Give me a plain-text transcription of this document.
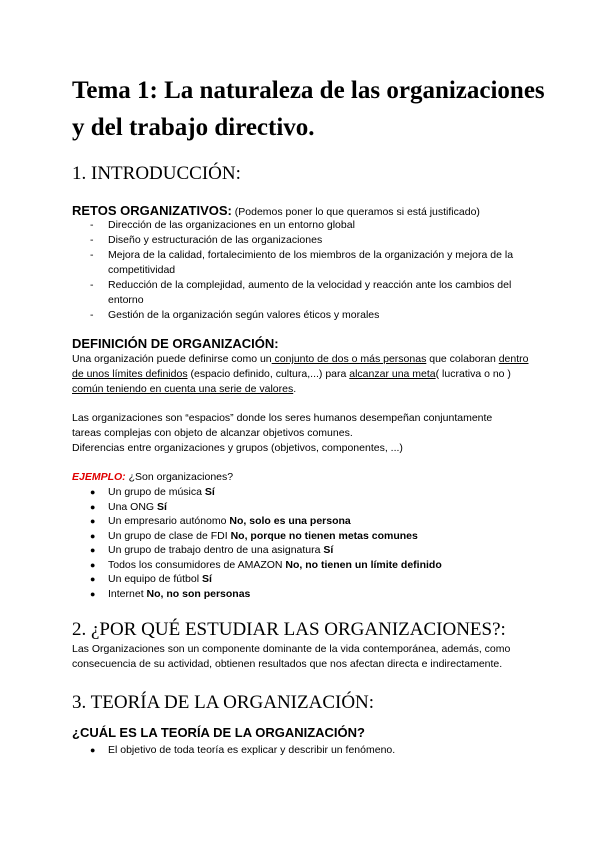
Tema 1: La naturaleza de las organizaciones y del trabajo directivo.
1. INTRODUCCIÓN:
RETOS ORGANIZATIVOS: (Podemos poner lo que queramos si está justificado)
- Dirección de las organizaciones en un entorno global
- Diseño y estructuración de las organizaciones
- Mejora de la calidad, fortalecimiento de los miembros de la organización y mejora de la competitividad
- Reducción de la complejidad, aumento de la velocidad y reacción ante los cambios del entorno
- Gestión de la organización según valores éticos y morales
DEFINICIÓN DE ORGANIZACIÓN:

Una organización puede definirse como un conjunto de dos o más personas que colaboran dentro de unos límites definidos (espacio definido, cultura,...) para alcanzar una meta( lucrativa o no ) común teniendo en cuenta una serie de valores.

Las organizaciones son “espacios” donde los seres humanos desempeñan conjuntamente tareas complejas con objeto de alcanzar objetivos comunes.

Diferencias entre organizaciones y grupos (objetivos, componentes, ...)

EJEMPLO: ¿Son organizaciones?

● Un grupo de música Sí
● Una ONG Sí
● Un empresario autónomo No, solo es una persona
● Un grupo de clase de FDI No, porque no tienen metas comunes
● Un grupo de trabajo dentro de una asignatura Sí
● Todos los consumidores de AMAZON No, no tienen un límite definido
● Un equipo de fútbol Sí
● Internet No, no son personas
2. ¿POR QUÉ ESTUDIAR LAS ORGANIZACIONES?:

Las Organizaciones son un componente dominante de la vida contemporánea, además, como consecuencia de su actividad, obtienen resultados que nos afectan directa e indirectamente.

3. TEORÍA DE LA ORGANIZACIÓN:
¿CUÁL ES LA TEORÍA DE LA ORGANIZACIÓN?
● El objetivo de toda teoría es explicar y describir un fenómeno.
